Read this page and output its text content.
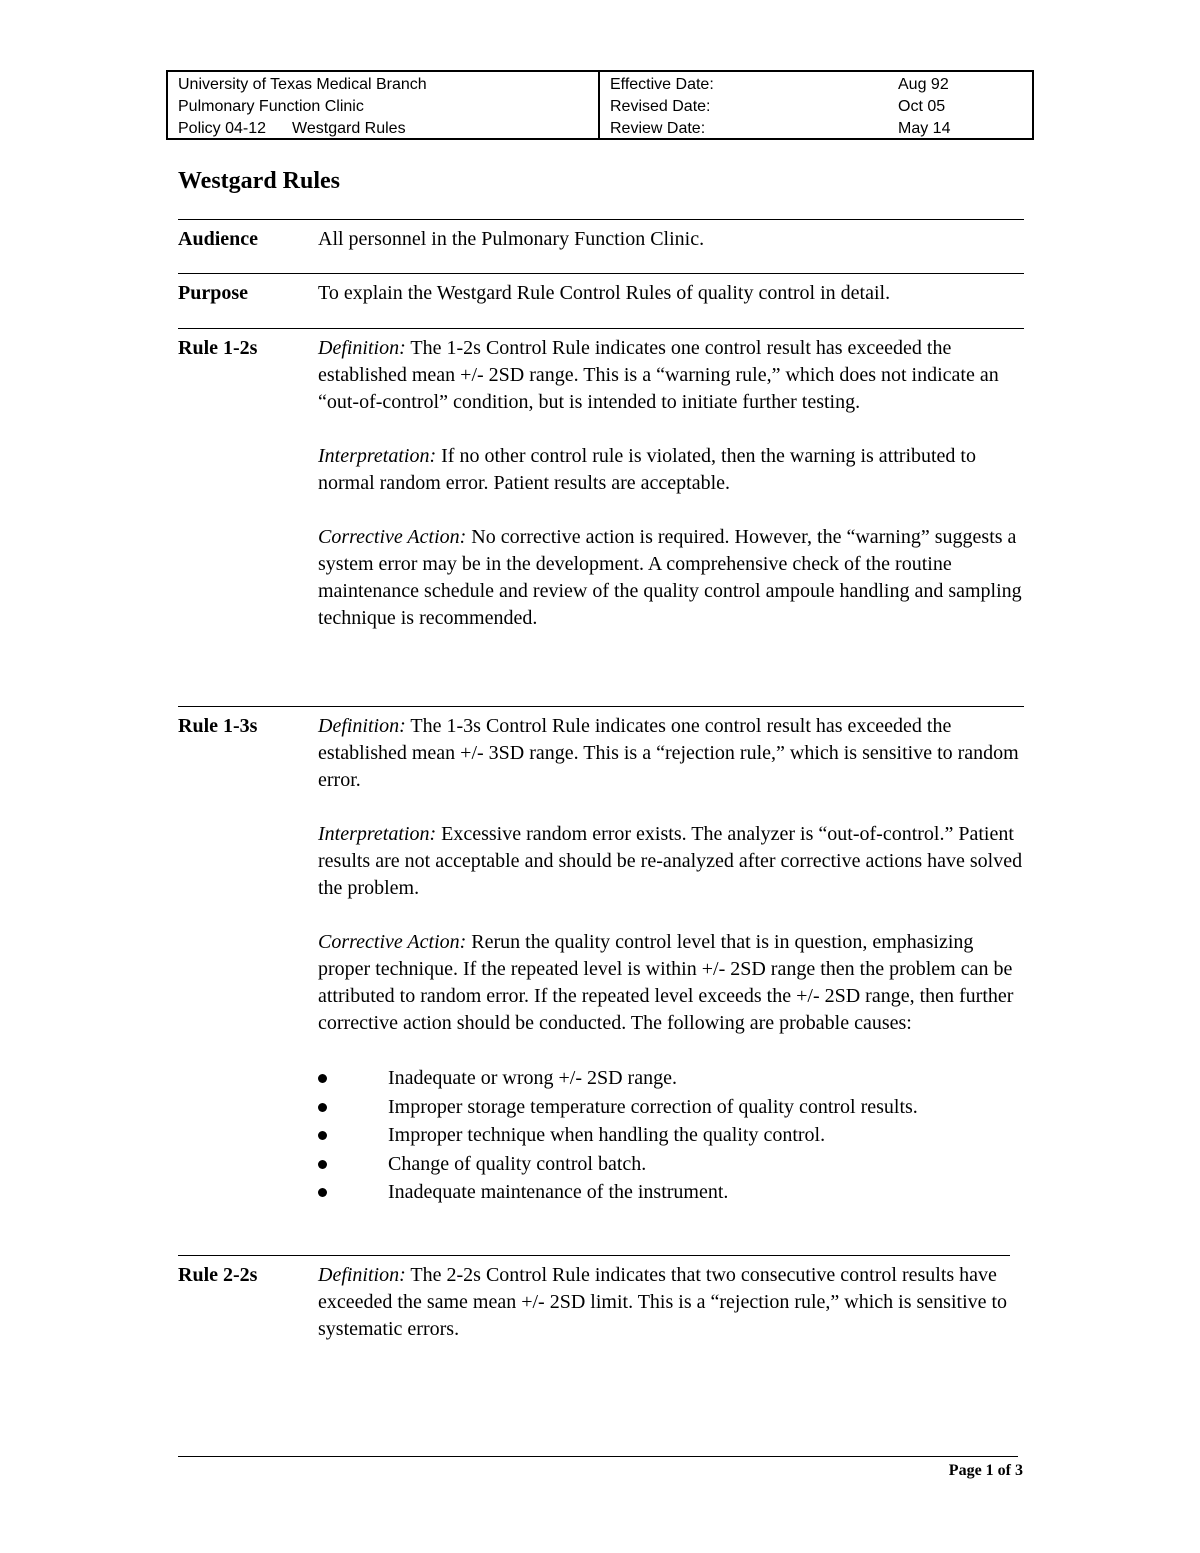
University of Texas Medical Branch
Pulmonary Function Clinic
Policy 04-12 Westgard Rules
Effective Date:	Aug 92
Revised Date:	Oct 05
Review Date:	May 14
Westgard Rules
Audience	All personnel in the Pulmonary Function Clinic.
Purpose	To explain the Westgard Rule Control Rules of quality control in detail.
Rule 1-2s	Definition: The 1-2s Control Rule indicates one control result has exceeded the established mean +/- 2SD range. This is a “warning rule,” which does not indicate an “out-of-control” condition, but is intended to initiate further testing.

Interpretation: If no other control rule is violated, then the warning is attributed to normal random error. Patient results are acceptable.

Corrective Action: No corrective action is required. However, the “warning” suggests a system error may be in the development. A comprehensive check of the routine maintenance schedule and review of the quality control ampoule handling and sampling technique is recommended.

Rule 1-3s	Definition: The 1-3s Control Rule indicates one control result has exceeded the established mean +/- 3SD range. This is a “rejection rule,” which is sensitive to random error.

Interpretation: Excessive random error exists. The analyzer is “out-of-control.” Patient results are not acceptable and should be re-analyzed after corrective actions have solved the problem.

Corrective Action: Rerun the quality control level that is in question, emphasizing proper technique. If the repeated level is within +/- 2SD range then the problem can be attributed to random error. If the repeated level exceeds the +/- 2SD range, then further corrective action should be conducted. The following are probable causes:

Inadequate or wrong +/- 2SD range.
Improper storage temperature correction of quality control results.
Improper technique when handling the quality control.
Change of quality control batch.
Inadequate maintenance of the instrument.
Rule 2-2s	Definition: The 2-2s Control Rule indicates that two consecutive control results have exceeded the same mean +/- 2SD limit. This is a “rejection rule,” which is sensitive to systematic errors.

Page 1 of 3
